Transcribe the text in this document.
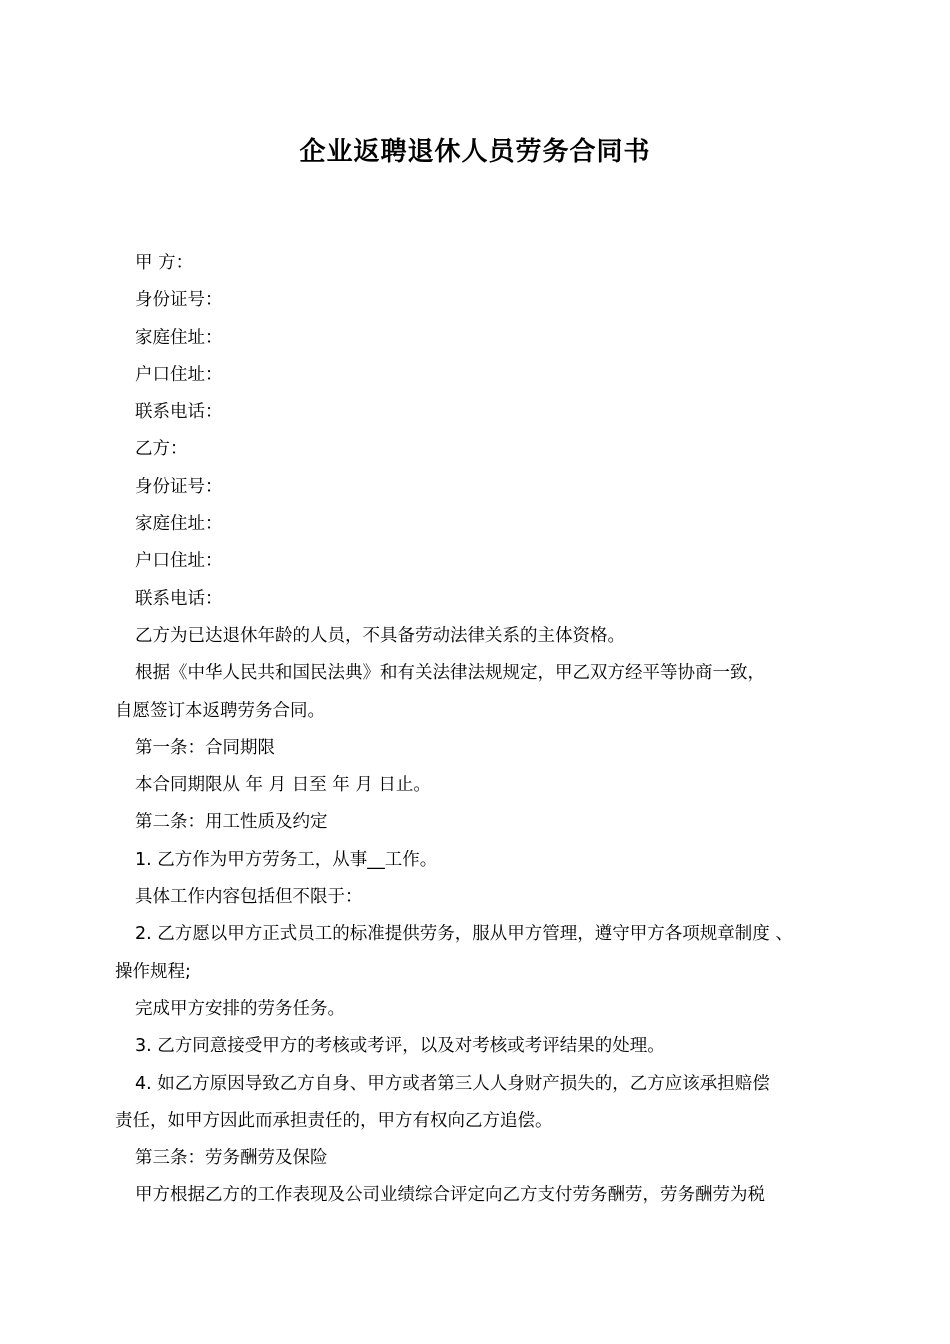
企业返聘退休人员劳务合同书
甲 方：
身份证号：
家庭住址：
户口住址：
联系电话：
乙方：
身份证号：
家庭住址：
户口住址：
联系电话：
乙方为已达退休年龄的人员，不具备劳动法律关系的主体资格。
根据《中华人民共和国民法典》和有关法律法规规定，甲乙双方经平等协商一致，
自愿签订本返聘劳务合同。
第一条：合同期限
本合同期限从 年 月 日至 年 月 日止。
第二条：用工性质及约定
1. 乙方作为甲方劳务工，从事__工作。
具体工作内容包括但不限于：
2. 乙方愿以甲方正式员工的标准提供劳务，服从甲方管理，遵守甲方各项规章制度 、
操作规程;
完成甲方安排的劳务任务。
3. 乙方同意接受甲方的考核或考评，以及对考核或考评结果的处理。
4. 如乙方原因导致乙方自身、甲方或者第三人人身财产损失的，乙方应该承担赔偿
责任，如甲方因此而承担责任的，甲方有权向乙方追偿。
第三条：劳务酬劳及保险
甲方根据乙方的工作表现及公司业绩综合评定向乙方支付劳务酬劳，劳务酬劳为税
